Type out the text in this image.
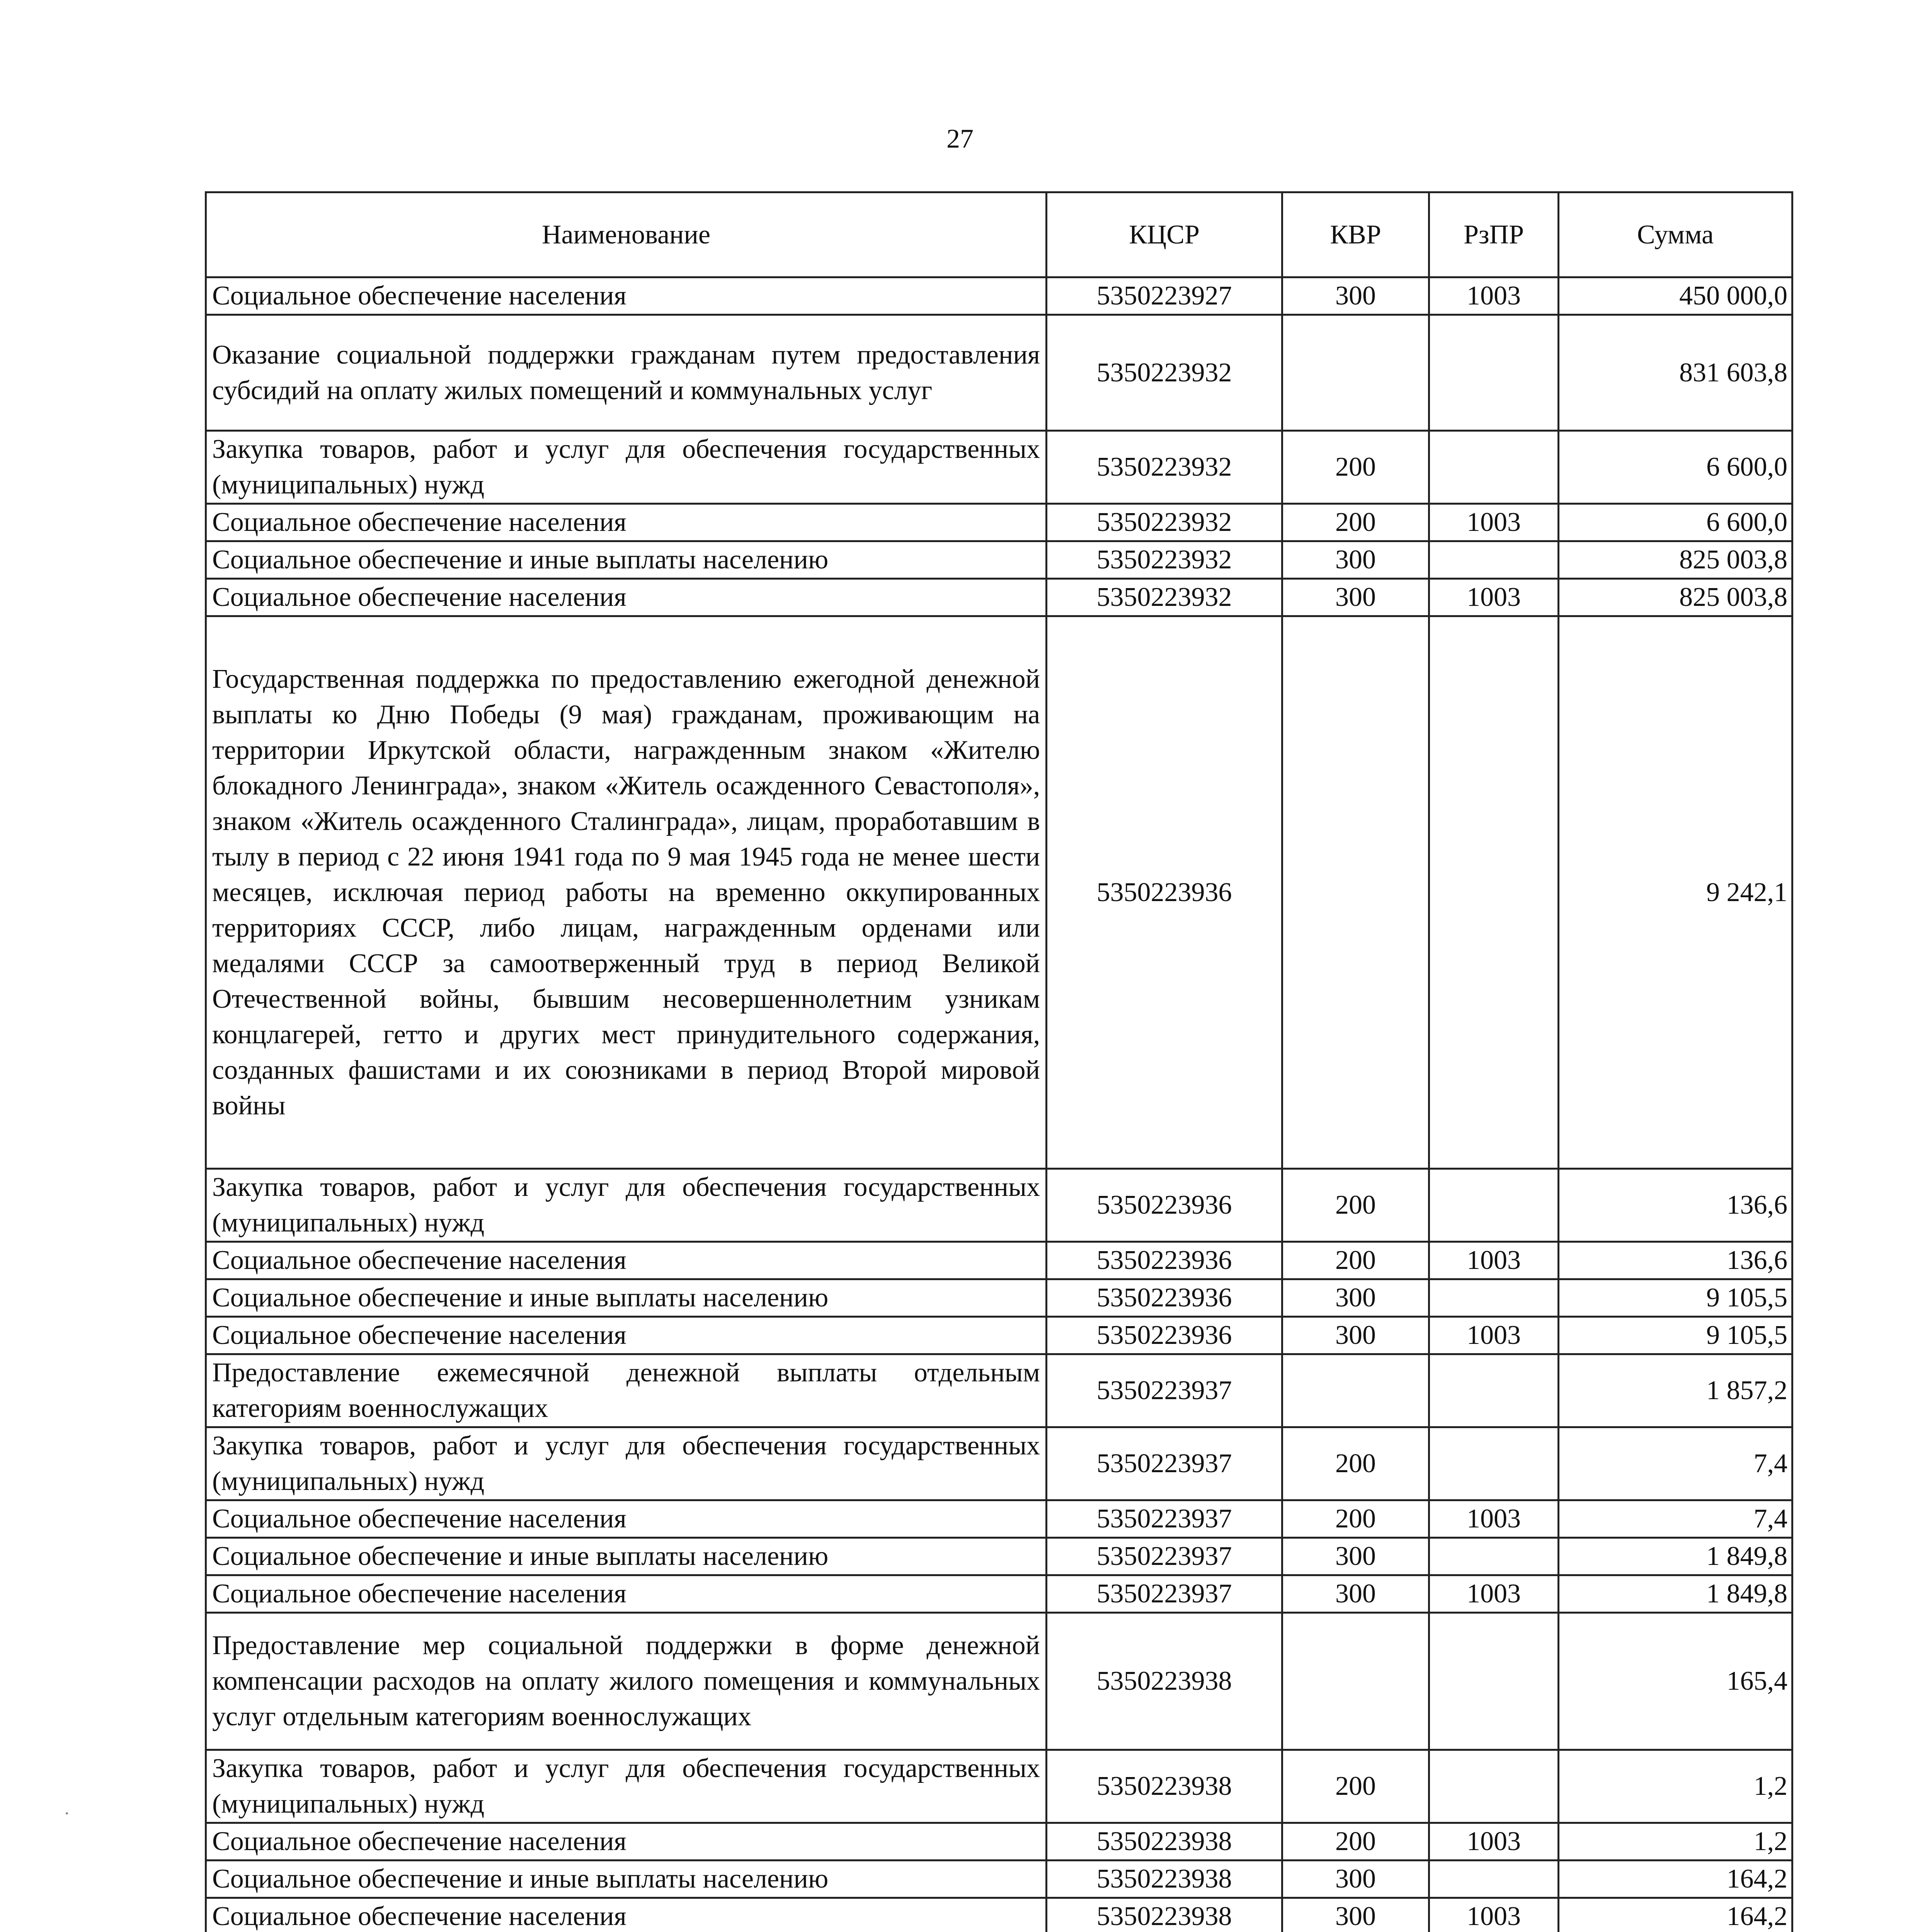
27
Наименование	КЦСР	КВР	РзПР	Сумма
Социальное обеспечение населения	5350223927	300	1003	450 000,0
Оказание социальной поддержки гражданам путем предоставления субсидий на оплату жилых помещений и коммунальных услуг	5350223932			831 603,8
Закупка товаров, работ и услуг для обеспечения государственных (муниципальных) нужд	5350223932	200		6 600,0
Социальное обеспечение населения	5350223932	200	1003	6 600,0
Социальное обеспечение и иные выплаты населению	5350223932	300		825 003,8
Социальное обеспечение населения	5350223932	300	1003	825 003,8
Государственная поддержка по предоставлению ежегодной денежной выплаты ко Дню Победы (9 мая) гражданам, проживающим на территории Иркутской области, награжденным знаком «Жителю блокадного Ленинграда», знаком «Житель осажденного Севастополя», знаком «Житель осажденного Сталинграда», лицам, проработавшим в тылу в период с 22 июня 1941 года по 9 мая 1945 года не менее шести месяцев, исключая период работы на временно оккупированных территориях СССР, либо лицам, награжденным орденами или медалями СССР за самоотверженный труд в период Великой Отечественной войны, бывшим несовершеннолетним узникам концлагерей, гетто и других мест принудительного содержания, созданных фашистами и их союзниками в период Второй мировой войны	5350223936			9 242,1
Закупка товаров, работ и услуг для обеспечения государственных (муниципальных) нужд	5350223936	200		136,6
Социальное обеспечение населения	5350223936	200	1003	136,6
Социальное обеспечение и иные выплаты населению	5350223936	300		9 105,5
Социальное обеспечение населения	5350223936	300	1003	9 105,5
Предоставление ежемесячной денежной выплаты отдельным категориям военнослужащих	5350223937			1 857,2
Закупка товаров, работ и услуг для обеспечения государственных (муниципальных) нужд	5350223937	200		7,4
Социальное обеспечение населения	5350223937	200	1003	7,4
Социальное обеспечение и иные выплаты населению	5350223937	300		1 849,8
Социальное обеспечение населения	5350223937	300	1003	1 849,8
Предоставление мер социальной поддержки в форме денежной компенсации расходов на оплату жилого помещения и коммунальных услуг отдельным категориям военнослужащих	5350223938			165,4
Закупка товаров, работ и услуг для обеспечения государственных (муниципальных) нужд	5350223938	200		1,2
Социальное обеспечение населения	5350223938	200	1003	1,2
Социальное обеспечение и иные выплаты населению	5350223938	300		164,2
Социальное обеспечение населения	5350223938	300	1003	164,2
